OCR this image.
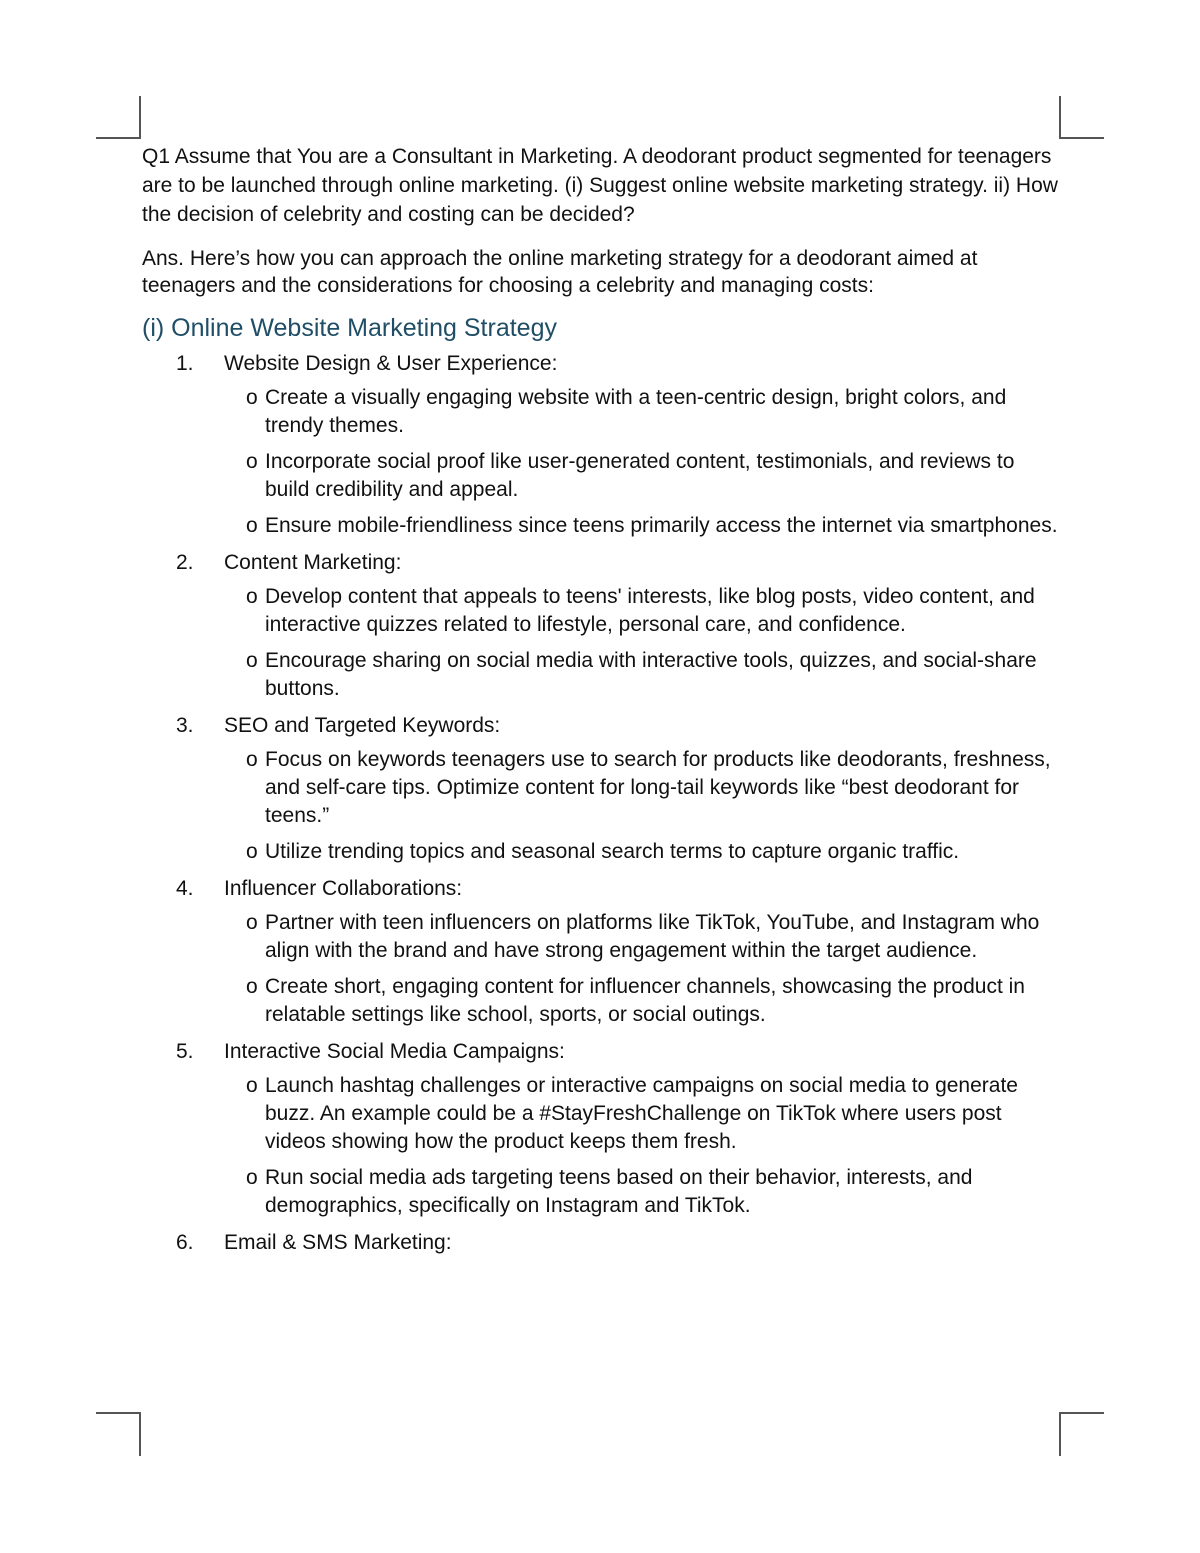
Q1 Assume that You are a Consultant in Marketing. A deodorant product segmented for teenagers are to be launched through online marketing. (i) Suggest online website marketing strategy. ii) How the decision of celebrity and costing can be decided?

Ans. Here’s how you can approach the online marketing strategy for a deodorant aimed at teenagers and the considerations for choosing a celebrity and managing costs:

(i) Online Website Marketing Strategy
1. Website Design & User Experience:
o Create a visually engaging website with a teen-centric design, bright colors, and trendy themes.
o Incorporate social proof like user-generated content, testimonials, and reviews to build credibility and appeal.
o Ensure mobile-friendliness since teens primarily access the internet via smartphones.
2. Content Marketing:
o Develop content that appeals to teens' interests, like blog posts, video content, and interactive quizzes related to lifestyle, personal care, and confidence.
o Encourage sharing on social media with interactive tools, quizzes, and social-share buttons.
3. SEO and Targeted Keywords:
o Focus on keywords teenagers use to search for products like deodorants, freshness, and self-care tips. Optimize content for long-tail keywords like “best deodorant for teens.”
o Utilize trending topics and seasonal search terms to capture organic traffic.
4. Influencer Collaborations:
o Partner with teen influencers on platforms like TikTok, YouTube, and Instagram who align with the brand and have strong engagement within the target audience.
o Create short, engaging content for influencer channels, showcasing the product in relatable settings like school, sports, or social outings.
5. Interactive Social Media Campaigns:
o Launch hashtag challenges or interactive campaigns on social media to generate buzz. An example could be a #StayFreshChallenge on TikTok where users post videos showing how the product keeps them fresh.
o Run social media ads targeting teens based on their behavior, interests, and demographics, specifically on Instagram and TikTok.
6. Email & SMS Marketing:
